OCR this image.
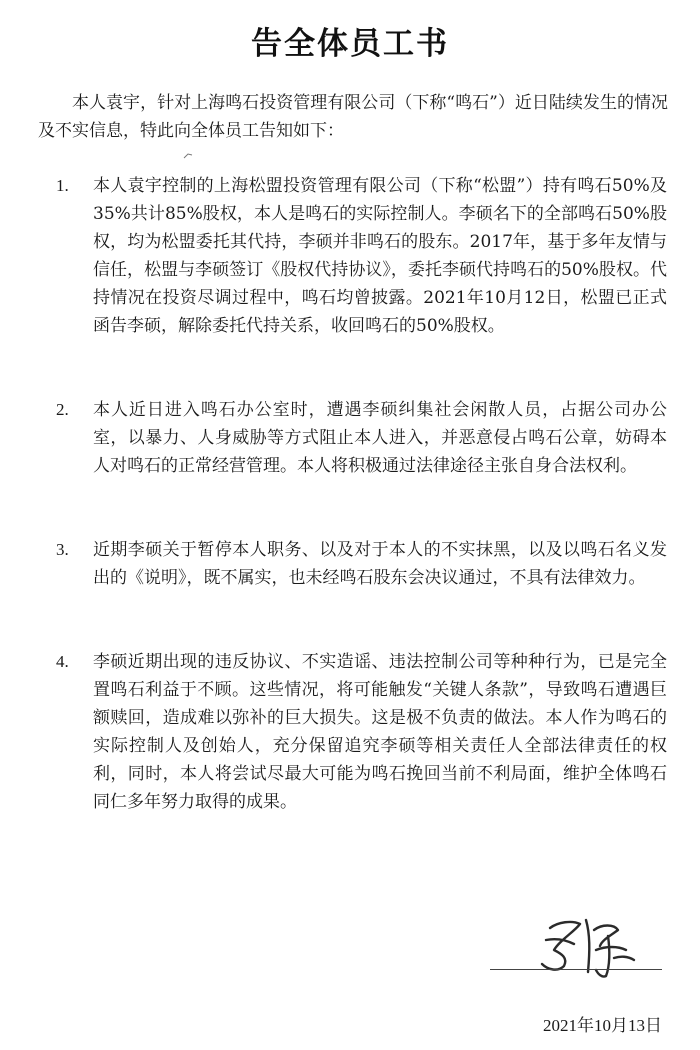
告全体员工书
本人袁宇，针对上海鸣石投资管理有限公司（下称“鸣石”）近日陆续发生的情况及不实信息，特此向全体员工告知如下：
1. 本人袁宇控制的上海松盟投资管理有限公司（下称“松盟”）持有鸣石50%及35%共计85%股权，本人是鸣石的实际控制人。李硕名下的全部鸣石50%股权，均为松盟委托其代持，李硕并非鸣石的股东。2017年，基于多年友情与信任，松盟与李硕签订《股权代持协议》，委托李硕代持鸣石的50%股权。代持情况在投资尽调过程中，鸣石均曾披露。2021年10月12日，松盟已正式函告李硕，解除委托代持关系，收回鸣石的50%股权。
2. 本人近日进入鸣石办公室时，遭遇李硕纠集社会闲散人员，占据公司办公室，以暴力、人身威胁等方式阻止本人进入，并恶意侵占鸣石公章，妨碍本人对鸣石的正常经营管理。本人将积极通过法律途径主张自身合法权利。
3. 近期李硕关于暂停本人职务、以及对于本人的不实抹黑，以及以鸣石名义发出的《说明》，既不属实，也未经鸣石股东会决议通过，不具有法律效力。
4. 李硕近期出现的违反协议、不实造谣、违法控制公司等种种行为，已是完全置鸣石利益于不顾。这些情况，将可能触发“关键人条款”，导致鸣石遭遇巨额赎回，造成难以弥补的巨大损失。这是极不负责的做法。本人作为鸣石的实际控制人及创始人，充分保留追究李硕等相关责任人全部法律责任的权利，同时，本人将尝试尽最大可能为鸣石挽回当前不利局面，维护全体鸣石同仁多年努力取得的成果。
2021年10月13日
